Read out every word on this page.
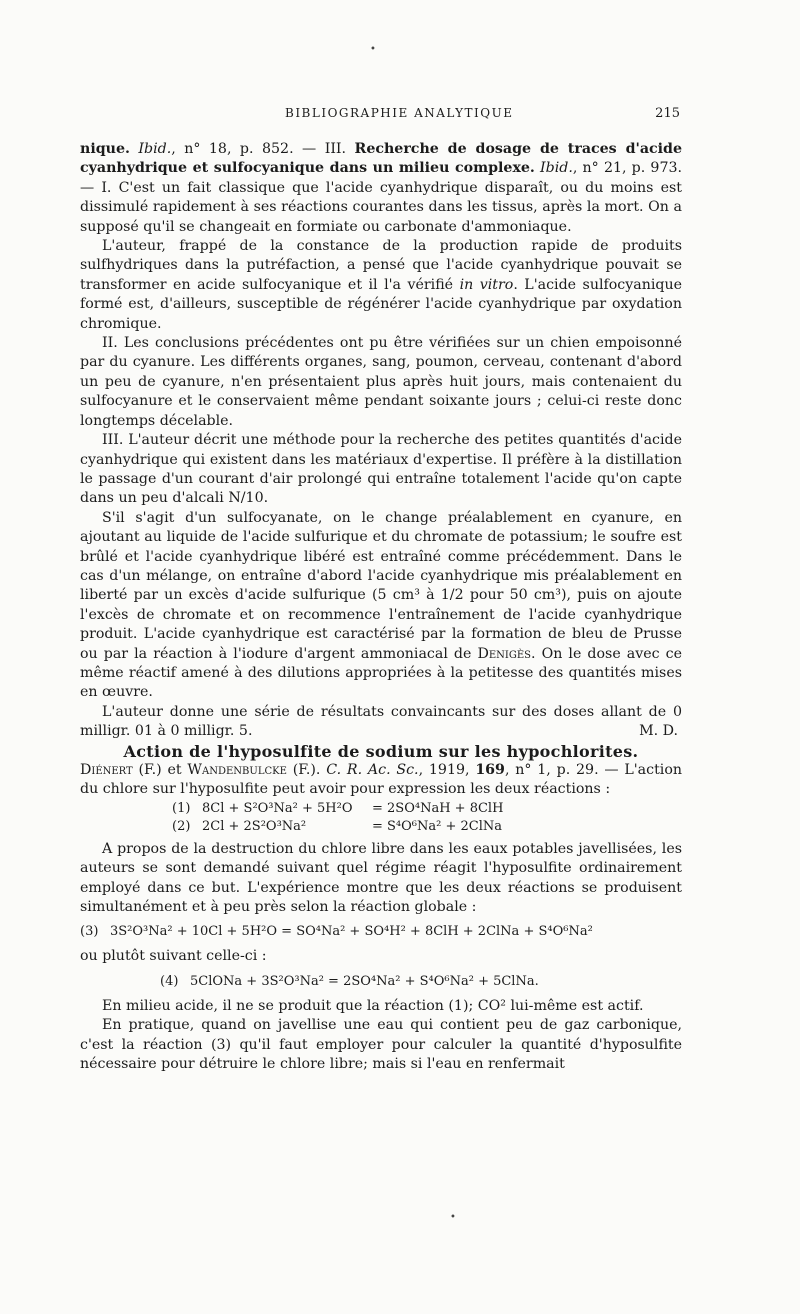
•
•
BIBLIOGRAPHIE ANALYTIQUE	215

nique. Ibid., n° 18, p. 852. — III. Recherche de dosage de traces d'acide cyanhydrique et sulfocyanique dans un milieu complexe. Ibid., n° 21, p. 973. — I. C'est un fait classique que l'acide cyanhydrique disparaît, ou du moins est dissimulé rapidement à ses réactions courantes dans les tissus, après la mort. On a supposé qu'il se changeait en formiate ou carbonate d'ammoniaque.

L'auteur, frappé de la constance de la production rapide de produits sulfhydriques dans la putréfaction, a pensé que l'acide cyanhydrique pouvait se transformer en acide sulfocyanique et il l'a vérifié in vitro. L'acide sulfocyanique formé est, d'ailleurs, susceptible de régénérer l'acide cyanhydrique par oxydation chromique.

II. Les conclusions précédentes ont pu être vérifiées sur un chien empoisonné par du cyanure. Les différents organes, sang, poumon, cerveau, contenant d'abord un peu de cyanure, n'en présentaient plus après huit jours, mais contenaient du sulfocyanure et le conservaient même pendant soixante jours ; celui-ci reste donc longtemps décelable.

III. L'auteur décrit une méthode pour la recherche des petites quantités d'acide cyanhydrique qui existent dans les matériaux d'expertise. Il préfère à la distillation le passage d'un courant d'air prolongé qui entraîne totalement l'acide qu'on capte dans un peu d'alcali N/10.

S'il s'agit d'un sulfocyanate, on le change préalablement en cyanure, en ajoutant au liquide de l'acide sulfurique et du chromate de potassium; le soufre est brûlé et l'acide cyanhydrique libéré est entraîné comme précédemment. Dans le cas d'un mélange, on entraîne d'abord l'acide cyanhydrique mis préalablement en liberté par un excès d'acide sulfurique (5 cm³ à 1/2 pour 50 cm³), puis on ajoute l'excès de chromate et on recommence l'entraînement de l'acide cyanhydrique produit. L'acide cyanhydrique est caractérisé par la formation de bleu de Prusse ou par la réaction à l'iodure d'argent ammoniacal de Denigès. On le dose avec ce même réactif amené à des dilutions appropriées à la petitesse des quantités mises en œuvre.

L'auteur donne une série de résultats convaincants sur des doses allant de 0 milligr. 01 à 0 milligr. 5.	M. D.

Action de l'hyposulfite de sodium sur les hypochlorites.

Diénert (F.) et Wandenbulcke (F.). C. R. Ac. Sc., 1919, 169, n° 1, p. 29. — L'action du chlore sur l'hyposulfite peut avoir pour expression les deux réactions :

(1) 8Cl + S²O³Na² + 5H²O	= 2SO⁴NaH + 8ClH
(2) 2Cl + 2S²O³Na²	= S⁴O⁶Na² + 2ClNa

A propos de la destruction du chlore libre dans les eaux potables javellisées, les auteurs se sont demandé suivant quel régime réagit l'hyposulfite ordinairement employé dans ce but. L'expérience montre que les deux réactions se produisent simultanément et à peu près selon la réaction globale :

(3) 3S²O³Na² + 10Cl + 5H²O = SO⁴Na² + SO⁴H² + 8ClH + 2ClNa + S⁴O⁶Na²

ou plutôt suivant celle-ci :

(4) 5ClONa + 3S²O³Na² = 2SO⁴Na² + S⁴O⁶Na² + 5ClNa.

En milieu acide, il ne se produit que la réaction (1); CO² lui-même est actif.

En pratique, quand on javellise une eau qui contient peu de gaz carbonique, c'est la réaction (3) qu'il faut employer pour calculer la quantité d'hyposulfite nécessaire pour détruire le chlore libre; mais si l'eau en renfermait
